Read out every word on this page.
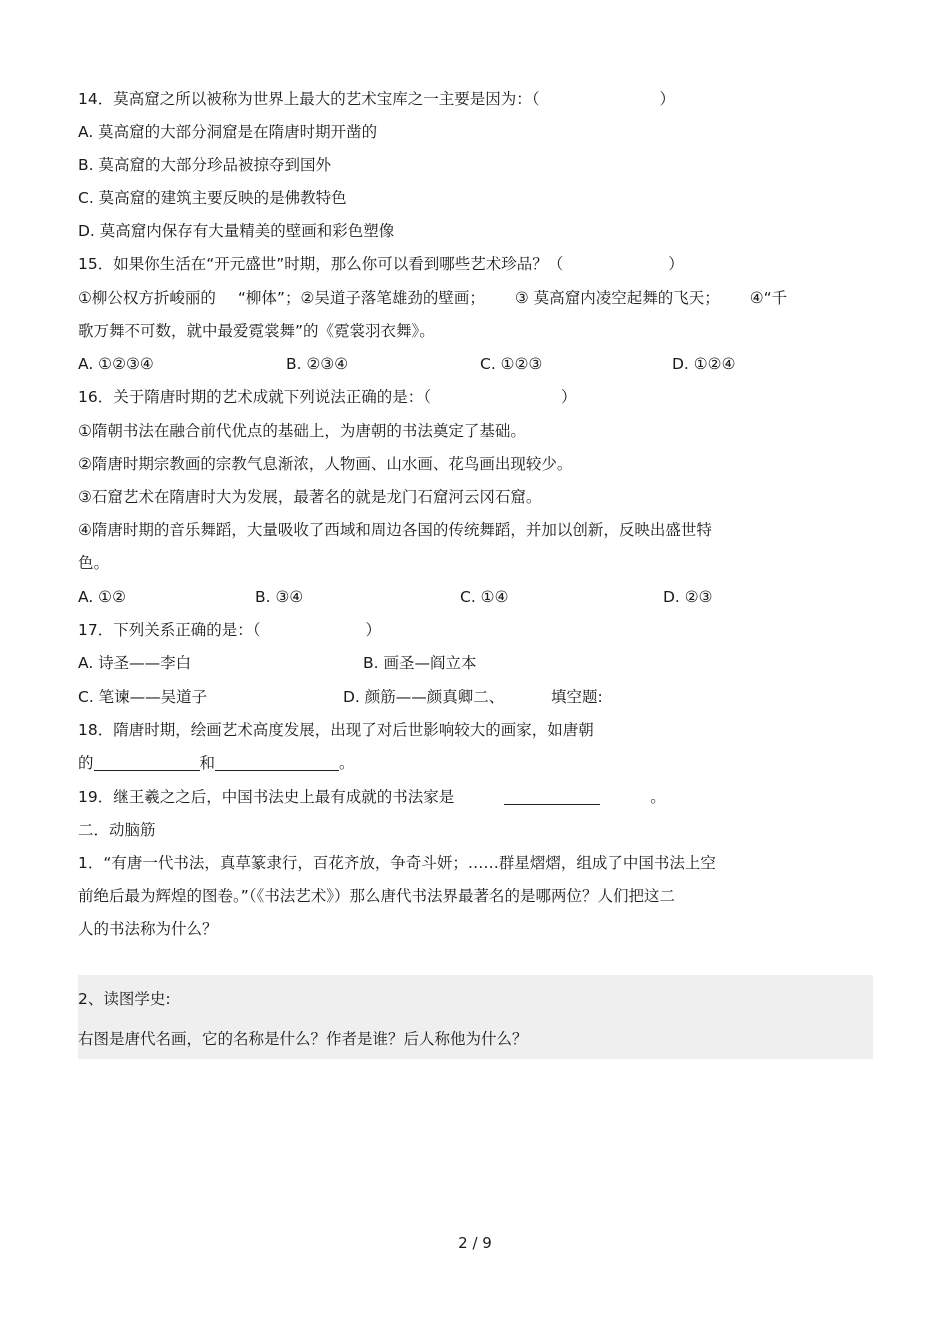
14．莫高窟之所以被称为世界上最大的艺术宝库之一主要是因为：（	）
A. 莫高窟的大部分洞窟是在隋唐时期开凿的
B. 莫高窟的大部分珍品被掠夺到国外
C. 莫高窟的建筑主要反映的是佛教特色
D. 莫高窟内保存有大量精美的壁画和彩色塑像
15．如果你生活在“开元盛世”时期，那么你可以看到哪些艺术珍品？（	）
①柳公权方折峻丽的 “柳体”；②吴道子落笔雄劲的壁画； ③ 莫高窟内凌空起舞的飞天； ④“千
歌万舞不可数，就中最爱霓裳舞”的《霓裳羽衣舞》。
A. ①②③④	B. ②③④	C. ①②③	D. ①②④
16．关于隋唐时期的艺术成就下列说法正确的是：（	）
①隋朝书法在融合前代优点的基础上，为唐朝的书法奠定了基础。
②隋唐时期宗教画的宗教气息渐浓，人物画、山水画、花鸟画出现较少。
③石窟艺术在隋唐时大为发展，最著名的就是龙门石窟河云冈石窟。
④隋唐时期的音乐舞蹈，大量吸收了西域和周边各国的传统舞蹈，并加以创新，反映出盛世特
色。
A. ①②	B. ③④	C. ①④	D. ②③
17．下列关系正确的是：（	）
A. 诗圣——李白	B. 画圣—阎立本
C. 笔谏——吴道子	D. 颜筋——颜真卿二、	填空题:
18．隋唐时期，绘画艺术高度发展，出现了对后世影响较大的画家，如唐朝
的	和	。
19．继王羲之之后，中国书法史上最有成就的书法家是	。
二．动脑筋
1．“有唐一代书法，真草篆隶行，百花齐放，争奇斗妍；……群星熠熠，组成了中国书法上空
前绝后最为辉煌的图卷。”（《书法艺术》）那么唐代书法界最著名的是哪两位？人们把这二
人的书法称为什么？
2、读图学史:
右图是唐代名画，它的名称是什么？作者是谁？后人称他为什么？
2 / 9
